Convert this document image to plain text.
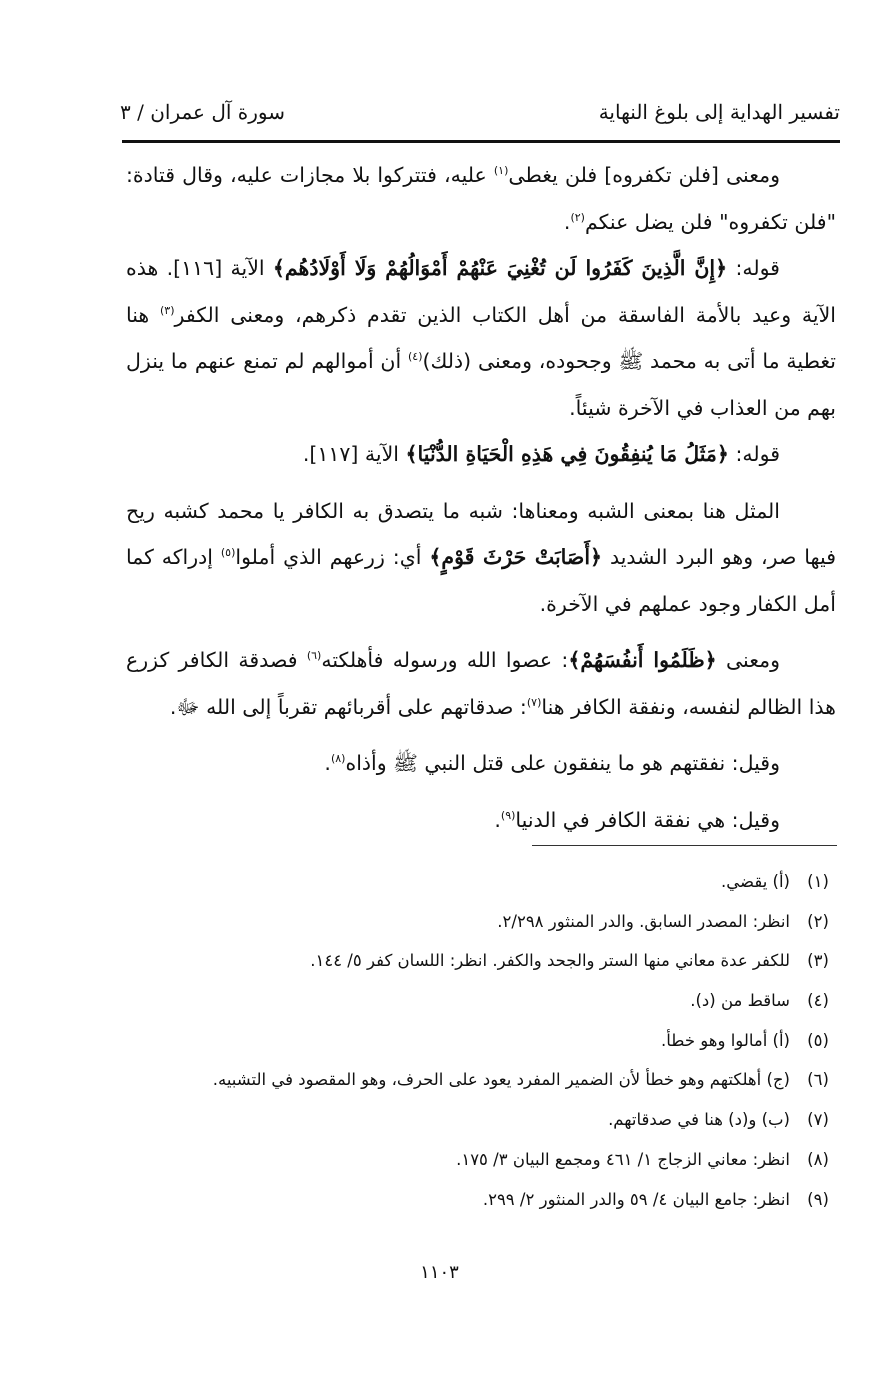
تفسير الهداية إلى بلوغ النهاية
سورة آل عمران / ٣

ومعنى [فلن تكفروه] فلن يغطى$^{(١)}$ عليه، فتتركوا بلا مجازات عليه، وقال قتادة: "فلن تكفروه" فلن يضل عنكم$^{(٢)}$.

قوله: ﴿إِنَّ الَّذِينَ كَفَرُوا لَن تُغْنِيَ عَنْهُمْ أَمْوَالُهُمْ وَلَا أَوْلَادُهُم﴾ الآية [١١٦]. هذه الآية وعيد بالأمة الفاسقة من أهل الكتاب الذين تقدم ذكرهم، ومعنى الكفر$^{(٣)}$ هنا تغطية ما أتى به محمد ﷺ وجحوده، ومعنى (ذلك)$^{(٤)}$ أن أموالهم لم تمنع عنهم ما ينزل بهم من العذاب في الآخرة شيئاً.

قوله: ﴿مَثَلُ مَا يُنفِقُونَ فِي هَذِهِ الْحَيَاةِ الدُّنْيَا﴾ الآية [١١٧].

المثل هنا بمعنى الشبه ومعناها: شبه ما يتصدق به الكافر يا محمد كشبه ريح فيها صر، وهو البرد الشديد ﴿أَصَابَتْ حَرْثَ قَوْمٍ﴾ أي: زرعهم الذي أملوا$^{(٥)}$ إدراكه كما أمل الكفار وجود عملهم في الآخرة.

ومعنى ﴿ظَلَمُوا أَنفُسَهُمْ﴾: عصوا الله ورسوله فأهلكته$^{(٦)}$ فصدقة الكافر كزرع هذا الظالم لنفسه، ونفقة الكافر هنا$^{(٧)}$: صدقاتهم على أقربائهم تقرباً إلى الله ﷻ.

وقيل: نفقتهم هو ما ينفقون على قتل النبي ﷺ وأذاه$^{(٨)}$.

وقيل: هي نفقة الكافر في الدنيا$^{(٩)}$.

(١)(أ) يقضي.
(٢)انظر: المصدر السابق. والدر المنثور ٢/٢٩٨.
(٣)للكفر عدة معاني منها الستر والجحد والكفر. انظر: اللسان كفر ٥/ ١٤٤.
(٤)ساقط من (د).
(٥)(أ) أمالوا وهو خطأ.
(٦)(ج) أهلكتهم وهو خطأ لأن الضمير المفرد يعود على الحرف، وهو المقصود في التشبيه.
(٧)(ب) و(د) هنا في صدقاتهم.
(٨)انظر: معاني الزجاج ١/ ٤٦١ ومجمع البيان ٣/ ١٧٥.
(٩)انظر: جامع البيان ٤/ ٥٩ والدر المنثور ٢/ ٢٩٩.
١١٠٣
